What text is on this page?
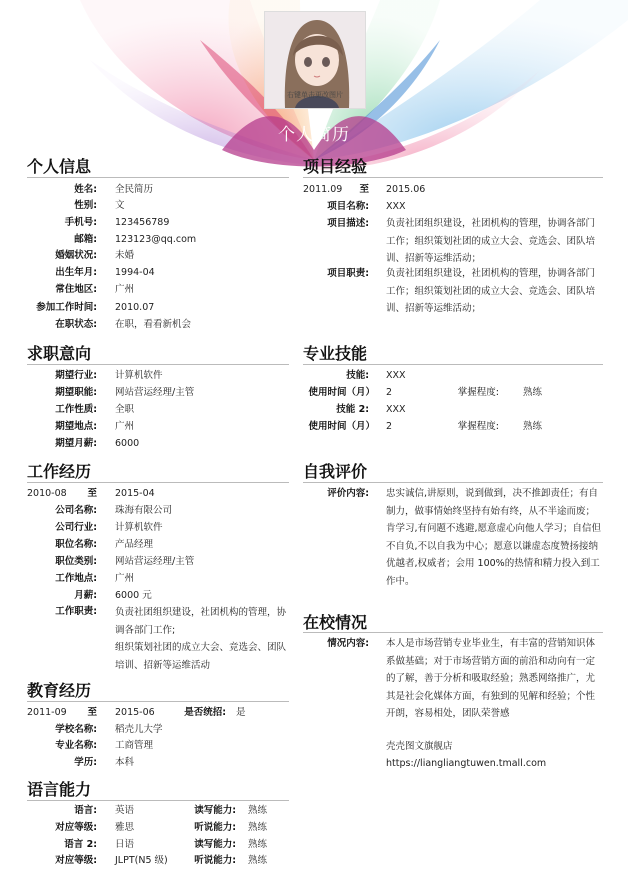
右键单击更改图片
个人简历
个人信息
姓名: 全民简历
性别: 文
手机号: 123456789
邮箱: 123123@qq.com
婚姻状况: 未婚
出生年月: 1994-04
常住地区: 广州
参加工作时间: 2010.07
在职状态: 在职，看看新机会
求职意向
期望行业: 计算机软件
期望职能: 网站营运经理/主管
工作性质: 全职
期望地点: 广州
期望月薪: 6000
工作经历
2010-08	至 2015-04
公司名称: 珠海有限公司
公司行业: 计算机软件
职位名称: 产品经理
职位类别: 网站营运经理/主管
工作地点: 广州
月薪: 6000 元
工作职责: 负责社团组织建设，社团机构的管理，协调各部门工作;
组织策划社团的成立大会、竞选会、团队培训、招新等运维活动
教育经历
2011-09	至 2015-06	是否统招: 是
学校名称: 稻壳儿大学
专业名称: 工商管理
学历: 本科
语言能力
语言: 英语	读写能力: 熟练
对应等级: 雅思	听说能力: 熟练
语言 2: 日语	读写能力: 熟练
对应等级: JLPT(N5 级)	听说能力: 熟练
项目经验
2011.09	至 2015.06
项目名称: XXX
项目描述: 负责社团组织建设，社团机构的管理，协调各部门工作；组织策划社团的成立大会、竞选会、团队培训、招新等运维活动；
项目职责: 负责社团组织建设，社团机构的管理，协调各部门工作；组织策划社团的成立大会、竞选会、团队培训、招新等运维活动；
专业技能
技能: XXX
使用时间（月） 2	掌握程度:	熟练
技能 2: XXX
使用时间（月） 2	掌握程度:	熟练
自我评价
评价内容: 忠实诚信,讲原则，说到做到，决不推卸责任；有自制力，做事情始终坚持有始有终，从不半途而废；肯学习,有问题不逃避,愿意虚心向他人学习；自信但不自负,不以自我为中心；愿意以谦虚态度赞扬接纳优越者,权威者；会用 100%的热情和精力投入到工作中。
在校情况
情况内容: 本人是市场营销专业毕业生，有丰富的营销知识体系做基础；对于市场营销方面的前沿和动向有一定的了解，善于分析和吸取经验；熟悉网络推广，尤其是社会化媒体方面，有独到的见解和经验；个性开朗，容易相处，团队荣誉感
壳壳图文旗舰店
https://liangliangtuwen.tmall.com
